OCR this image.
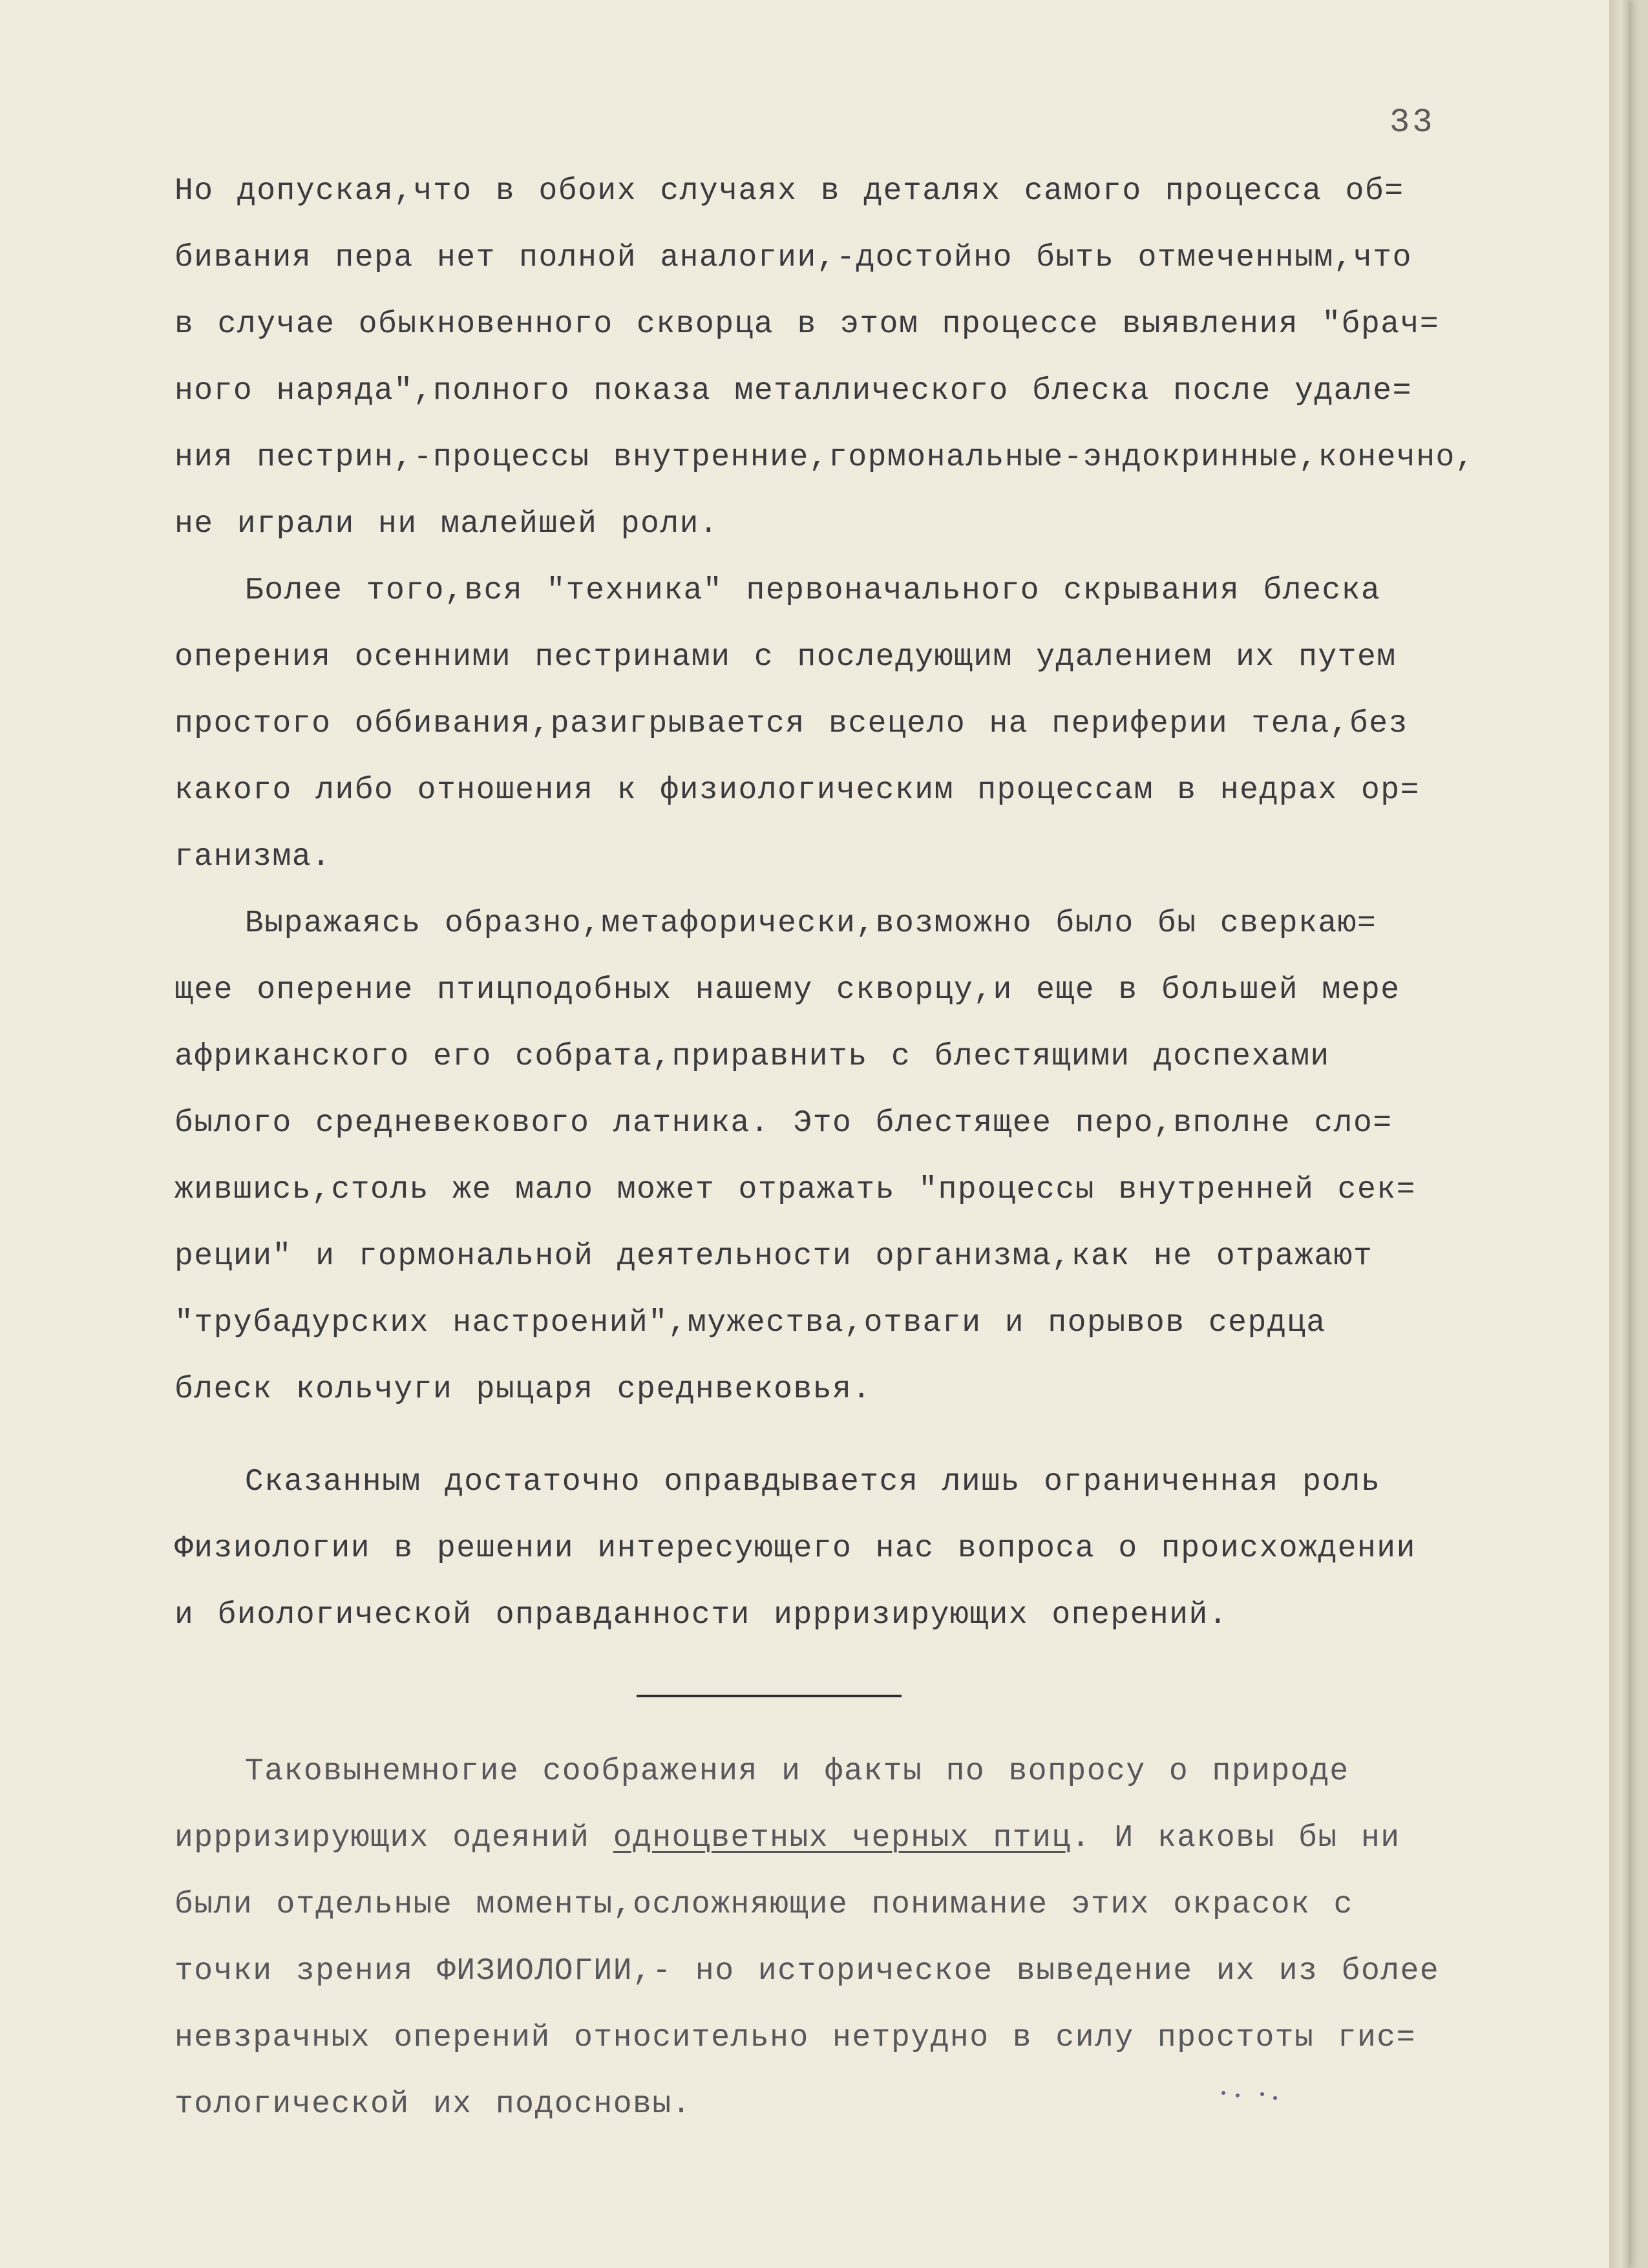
33
Но допуская,что в обоих случаях в деталях самого процесса об=
бивания пера нет полной аналогии,-достойно быть отмеченным,что
в случае обыкновенного скворца в этом процессе выявления "брач=
ного наряда",полного показа металлического блеска после удале=
ния пестрин,-процессы внутренние,гормональные-эндокринные,конечно,
не играли ни малейшей роли.
Более того,вся "техника" первоначального скрывания блеска
оперения осенними пестринами с последующим удалением их путем
простого оббивания,разигрывается всецело на периферии тела,без
какого либо отношения к физиологическим процессам в недрах ор=
ганизма.
Выражаясь образно,метафорически,возможно было бы сверкаю=
щее оперение птицподобных нашему скворцу,и еще в большей мере
африканского его собрата,приравнить с блестящими доспехами
былого средневекового латника. Это блестящее перо,вполне сло=
жившись,столь же мало может отражать "процессы внутренней сек=
реции" и гормональной деятельности организма,как не отражают
"трубадурских настроений",мужества,отваги и порывов сердца
блеск кольчуги рыцаря среднвековья.
Сказанным достаточно оправдывается лишь ограниченная роль
Физиологии в решении интересующего нас вопроса о происхождении
и биологической оправданности иррризирующих оперений.
Таковынемногие соображения и факты по вопросу о природе
иррризирующих одеяний одноцветных черных птиц. И каковы бы ни
были отдельные моменты,осложняющие понимание этих окрасок с
точки зрения ФИЗИОЛОГИИ,- но историческое выведение их из более
невзрачных оперений относительно нетрудно в силу простоты гис=
тологической их подосновы.
